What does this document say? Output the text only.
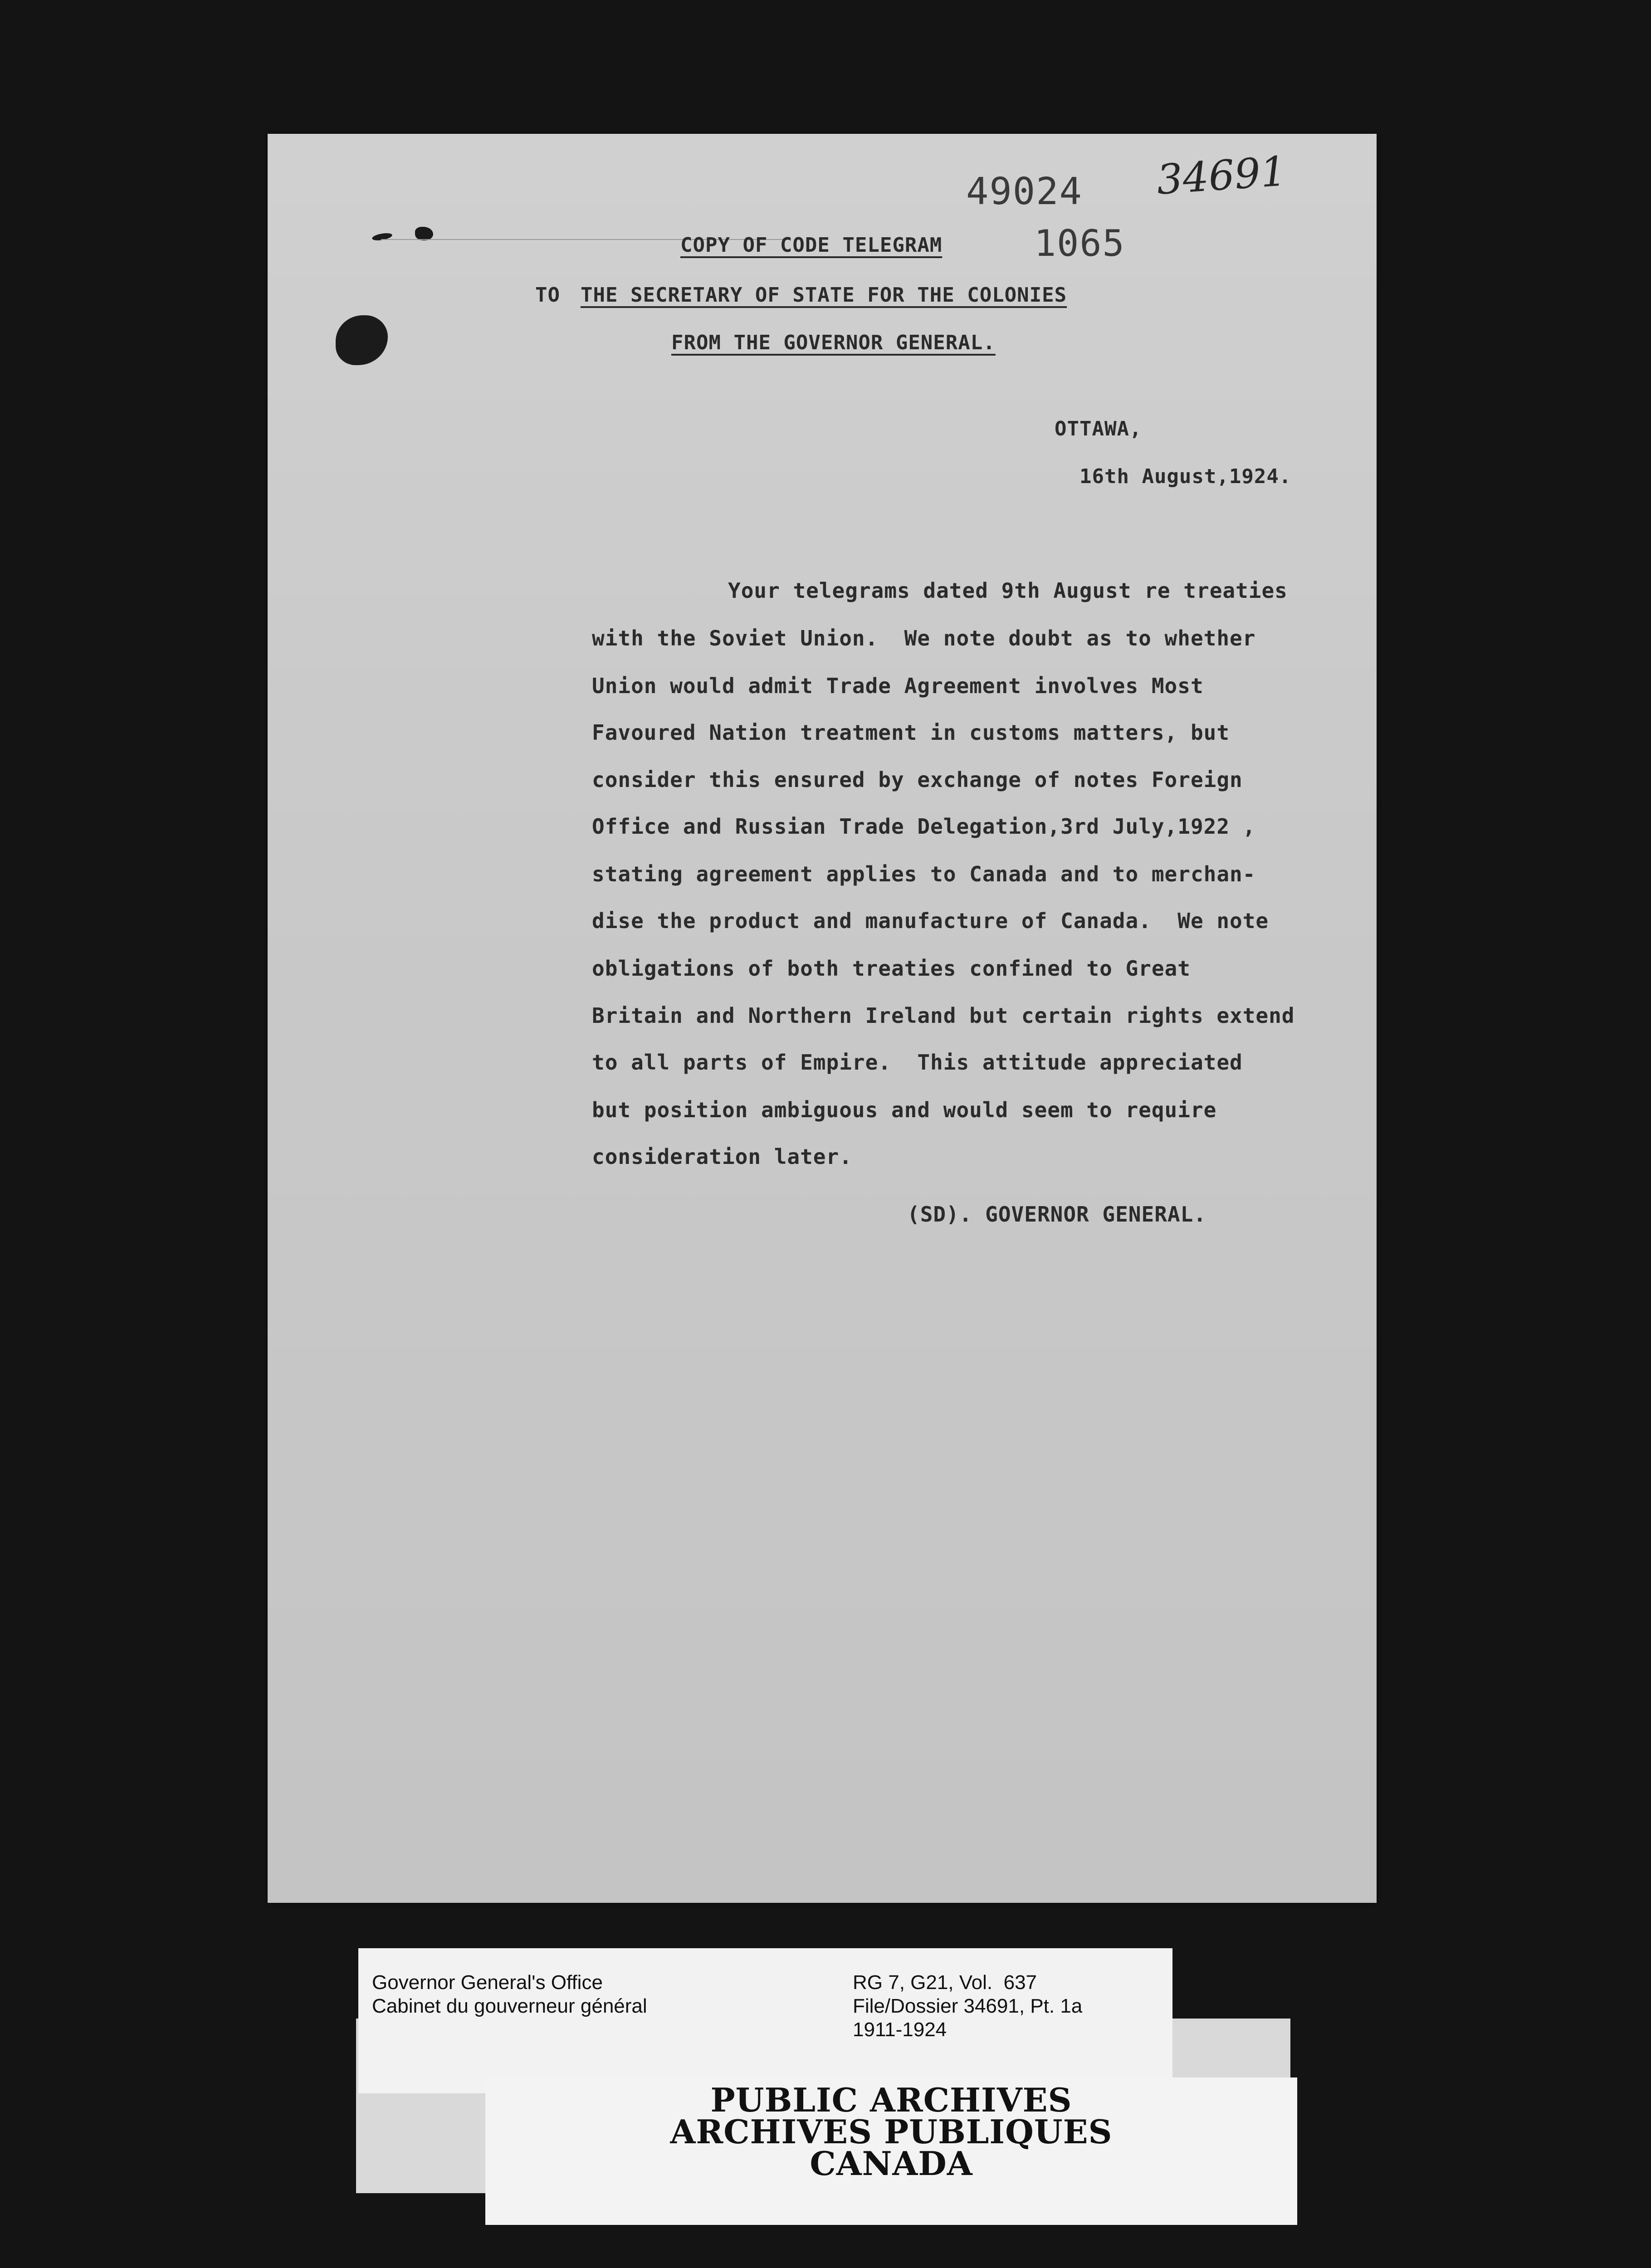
49024 34691
COPY OF CODE TELEGRAM	1065
TO THE SECRETARY OF STATE FOR THE COLONIES
FROM THE GOVERNOR GENERAL.
OTTAWA,
16th August,1924.
Your telegrams dated 9th August re treaties
with the Soviet Union.  We note doubt as to whether
Union would admit Trade Agreement involves Most
Favoured Nation treatment in customs matters, but
consider this ensured by exchange of notes Foreign
Office and Russian Trade Delegation,3rd July,1922 ,
stating agreement applies to Canada and to merchan-
dise the product and manufacture of Canada.  We note
obligations of both treaties confined to Great
Britain and Northern Ireland but certain rights extend
to all parts of Empire.  This attitude appreciated
but position ambiguous and would seem to require
consideration later.
(SD). GOVERNOR GENERAL.
Governor General's Office
Cabinet du gouverneur général
RG 7, G21, Vol.  637
File/Dossier 34691, Pt. 1a
1911-1924
PUBLIC ARCHIVES
ARCHIVES PUBLIQUES
CANADA
